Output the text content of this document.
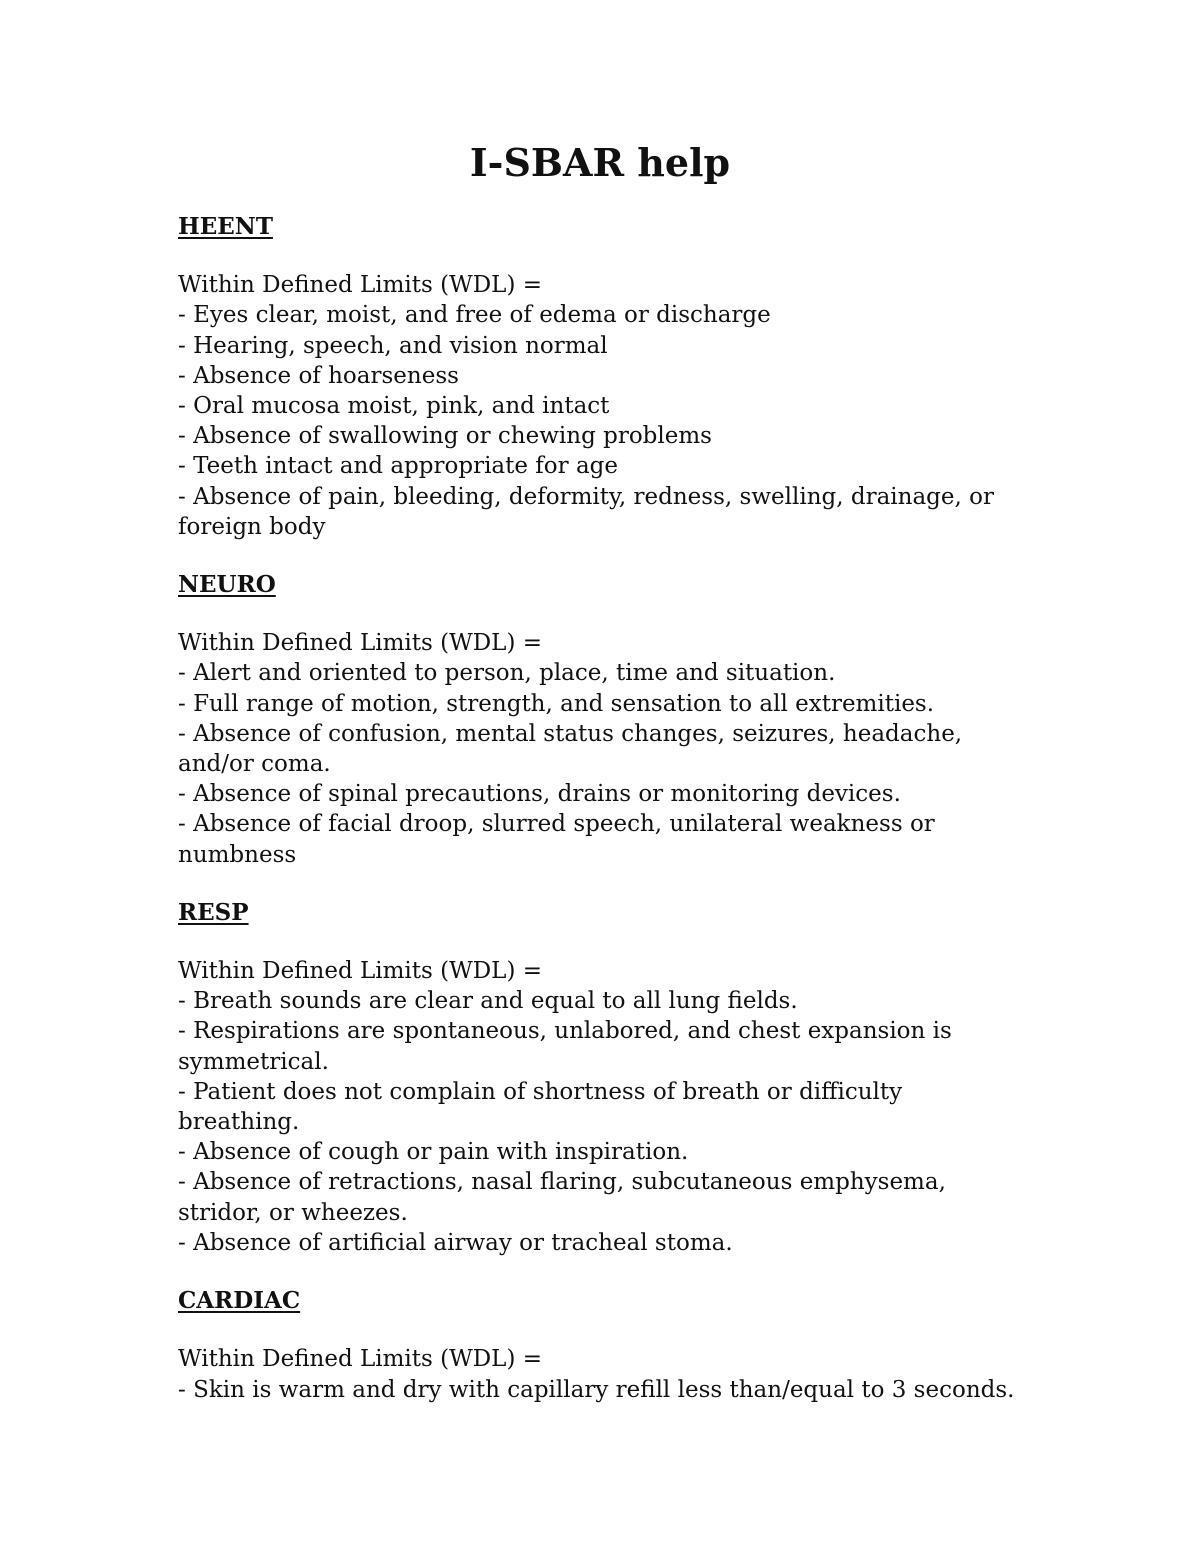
I-SBAR help
HEENT

Within Defined Limits (WDL) =

- Eyes clear, moist, and free of edema or discharge
- Hearing, speech, and vision normal
- Absence of hoarseness
- Oral mucosa moist, pink, and intact
- Absence of swallowing or chewing problems
- Teeth intact and appropriate for age
- Absence of pain, bleeding, deformity, redness, swelling, drainage, or foreign body
NEURO

Within Defined Limits (WDL) =

- Alert and oriented to person, place, time and situation.
- Full range of motion, strength, and sensation to all extremities.
- Absence of confusion, mental status changes, seizures, headache, and/or coma.
- Absence of spinal precautions, drains or monitoring devices.
- Absence of facial droop, slurred speech, unilateral weakness or numbness
RESP

Within Defined Limits (WDL) =

- Breath sounds are clear and equal to all lung fields.
- Respirations are spontaneous, unlabored, and chest expansion is symmetrical.
- Patient does not complain of shortness of breath or difficulty breathing.
- Absence of cough or pain with inspiration.
- Absence of retractions, nasal flaring, subcutaneous emphysema, stridor, or wheezes.
- Absence of artificial airway or tracheal stoma.
CARDIAC

Within Defined Limits (WDL) =

- Skin is warm and dry with capillary refill less than/equal to 3 seconds.
